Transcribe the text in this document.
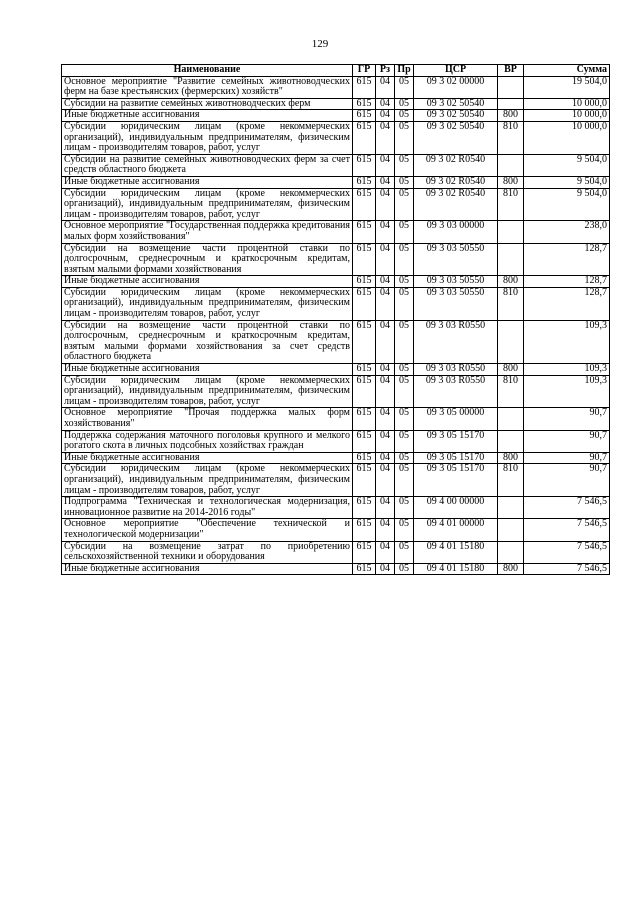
129
Наименование	ГР	Рз	Пр	ЦСР	ВР	Сумма
Основное мероприятие "Развитие семейных животноводческих ферм на базе крестьянских (фермерских) хозяйств"	615	04	05	09 3 02 00000		19 504,0
Субсидии на развитие семейных животноводческих ферм	615	04	05	09 3 02 50540		10 000,0
Иные бюджетные ассигнования	615	04	05	09 3 02 50540	800	10 000,0
Субсидии юридическим лицам (кроме некоммерческих организаций), индивидуальным предпринимателям, физическим лицам - производителям товаров, работ, услуг	615	04	05	09 3 02 50540	810	10 000,0
Субсидии на развитие семейных животноводческих ферм за счет средств областного бюджета	615	04	05	09 3 02 R0540		9 504,0
Иные бюджетные ассигнования	615	04	05	09 3 02 R0540	800	9 504,0
Субсидии юридическим лицам (кроме некоммерческих организаций), индивидуальным предпринимателям, физическим лицам - производителям товаров, работ, услуг	615	04	05	09 3 02 R0540	810	9 504,0
Основное мероприятие "Государственная поддержка кредитования малых форм хозяйствования"	615	04	05	09 3 03 00000		238,0
Субсидии на возмещение части процентной ставки по долгосрочным, среднесрочным и краткосрочным кредитам, взятым малыми формами хозяйствования	615	04	05	09 3 03 50550		128,7
Иные бюджетные ассигнования	615	04	05	09 3 03 50550	800	128,7
Субсидии юридическим лицам (кроме некоммерческих организаций), индивидуальным предпринимателям, физическим лицам - производителям товаров, работ, услуг	615	04	05	09 3 03 50550	810	128,7
Субсидии на возмещение части процентной ставки по долгосрочным, среднесрочным и краткосрочным кредитам, взятым малыми формами хозяйствования за счет средств областного бюджета	615	04	05	09 3 03 R0550		109,3
Иные бюджетные ассигнования	615	04	05	09 3 03 R0550	800	109,3
Субсидии юридическим лицам (кроме некоммерческих организаций), индивидуальным предпринимателям, физическим лицам - производителям товаров, работ, услуг	615	04	05	09 3 03 R0550	810	109,3
Основное мероприятие "Прочая поддержка малых форм хозяйствования"	615	04	05	09 3 05 00000		90,7
Поддержка содержания маточного поголовья крупного и мелкого рогатого скота в личных подсобных хозяйствах граждан	615	04	05	09 3 05 15170		90,7
Иные бюджетные ассигнования	615	04	05	09 3 05 15170	800	90,7
Субсидии юридическим лицам (кроме некоммерческих организаций), индивидуальным предпринимателям, физическим лицам - производителям товаров, работ, услуг	615	04	05	09 3 05 15170	810	90,7
Подпрограмма "Техническая и технологическая модернизация, инновационное развитие на 2014-2016 годы"	615	04	05	09 4 00 00000		7 546,5
Основное мероприятие "Обеспечение технической и технологической модернизации"	615	04	05	09 4 01 00000		7 546,5
Субсидии на возмещение затрат по приобретению сельскохозяйственной техники и оборудования	615	04	05	09 4 01 15180		7 546,5
Иные бюджетные ассигнования	615	04	05	09 4 01 15180	800	7 546,5
